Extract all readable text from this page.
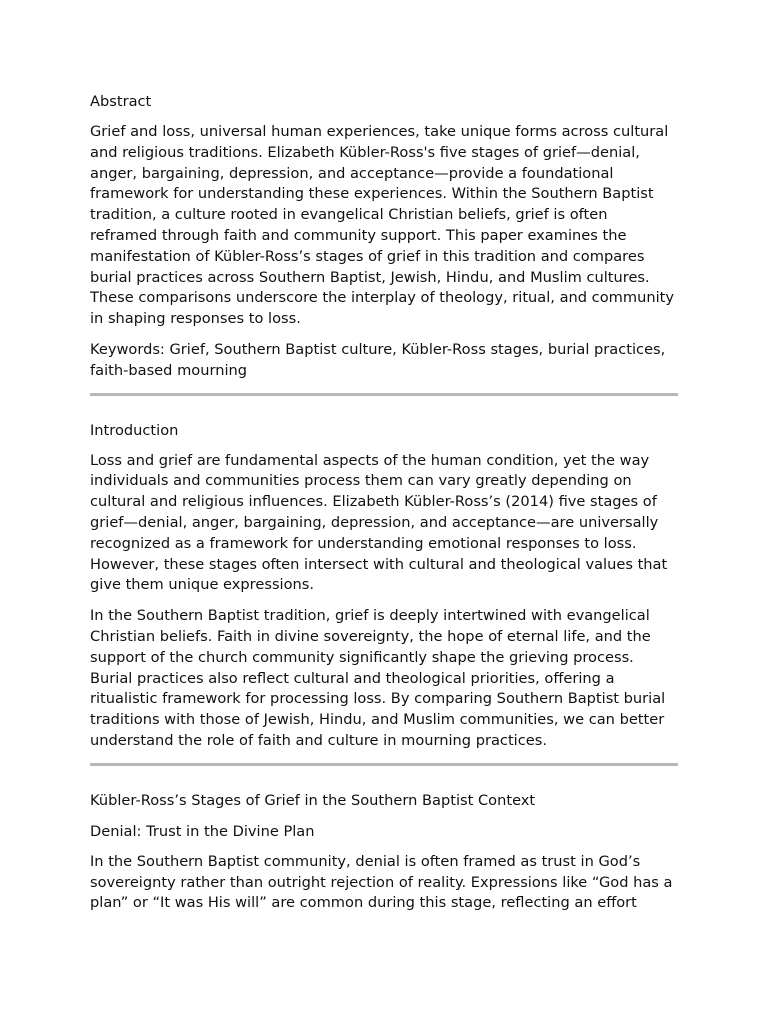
Abstract

Grief and loss, universal human experiences, take unique forms across cultural and religious traditions. Elizabeth Kübler-Ross's five stages of grief—denial, anger, bargaining, depression, and acceptance—provide a foundational framework for understanding these experiences. Within the Southern Baptist tradition, a culture rooted in evangelical Christian beliefs, grief is often reframed through faith and community support. This paper examines the manifestation of Kübler-Ross’s stages of grief in this tradition and compares burial practices across Southern Baptist, Jewish, Hindu, and Muslim cultures. These comparisons underscore the interplay of theology, ritual, and community in shaping responses to loss.

Keywords: Grief, Southern Baptist culture, Kübler-Ross stages, burial practices, faith-based mourning

Introduction

Loss and grief are fundamental aspects of the human condition, yet the way individuals and communities process them can vary greatly depending on cultural and religious influences. Elizabeth Kübler-Ross’s (2014) five stages of grief—denial, anger, bargaining, depression, and acceptance—are universally recognized as a framework for understanding emotional responses to loss. However, these stages often intersect with cultural and theological values that give them unique expressions.

In the Southern Baptist tradition, grief is deeply intertwined with evangelical Christian beliefs. Faith in divine sovereignty, the hope of eternal life, and the support of the church community significantly shape the grieving process. Burial practices also reflect cultural and theological priorities, offering a ritualistic framework for processing loss. By comparing Southern Baptist burial traditions with those of Jewish, Hindu, and Muslim communities, we can better understand the role of faith and culture in mourning practices.

Kübler-Ross’s Stages of Grief in the Southern Baptist Context
Denial: Trust in the Divine Plan

In the Southern Baptist community, denial is often framed as trust in God’s sovereignty rather than outright rejection of reality. Expressions like “God has a plan” or “It was His will” are common during this stage, reflecting an effort
